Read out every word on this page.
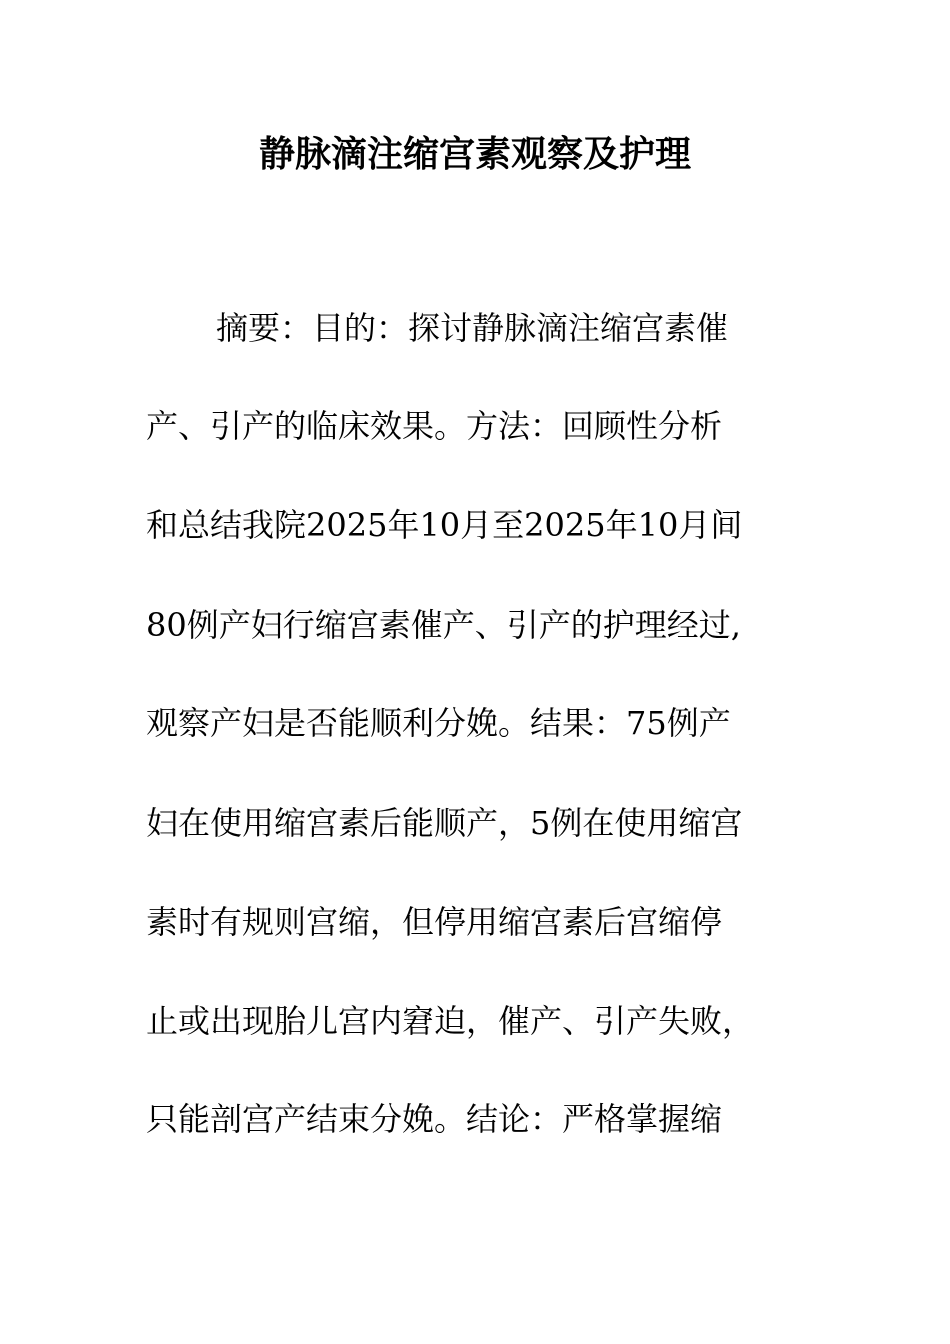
静脉滴注缩宫素观察及护理
摘要：目的：探讨静脉滴注缩宫素催
产、引产的临床效果。方法：回顾性分析
和总结我院2025年10月至2025年10月间
80例产妇行缩宫素催产、引产的护理经过,
观察产妇是否能顺利分娩。结果：75例产
妇在使用缩宫素后能顺产，5例在使用缩宫
素时有规则宫缩，但停用缩宫素后宫缩停
止或出现胎儿宫内窘迫，催产、引产失败，
只能剖宫产结束分娩。结论：严格掌握缩
